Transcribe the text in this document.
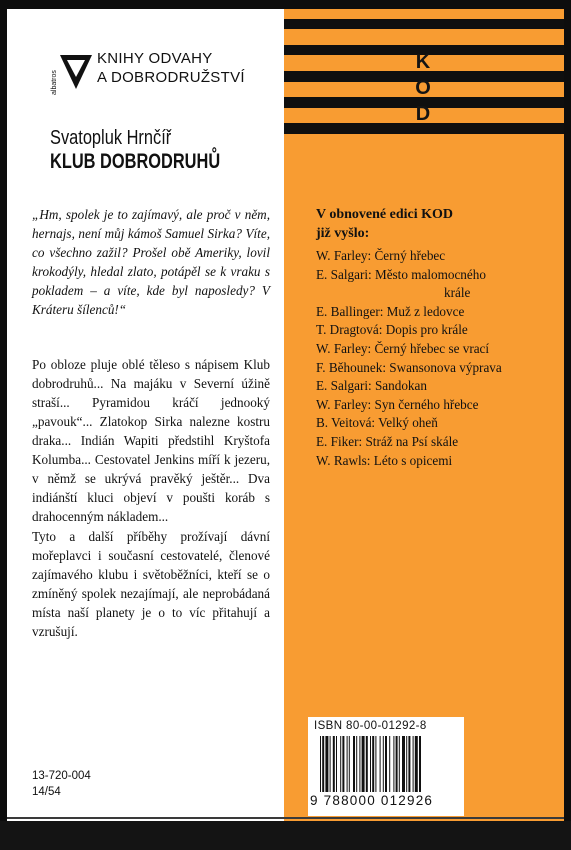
albatros
KNIHY ODVAHY
A DOBRODRUŽSTVÍ
Svatopluk Hrnčíř
KLUB DOBRODRUHŮ

„Hm, spolek je to zajímavý, ale proč v něm, hernajs, není můj kámoš Samuel Sirka? Víte, co všechno zažil? Prošel obě Ameriky, lovil krokodýly, hledal zlato, potápěl se k vraku s pokladem – a víte, kde byl naposledy? V Kráteru šílenců!“

Po obloze pluje oblé těleso s nápisem Klub dobrodruhů... Na majáku v Severní úžině straší... Pyramidou kráčí jednooký „pavouk“... Zlatokop Sirka nalezne kostru draka... Indián Wapiti předstihl Kryštofa Kolumba... Cestovatel Jenkins míří k jezeru, v němž se ukrývá pravěký ještěr... Dva indiánští kluci objeví v poušti koráb s drahocenným nákladem...

Tyto a další příběhy prožívají dávní mořeplavci i současní cestovatelé, členové zajímavého klubu i světoběžníci, kteří se o zmíněný spolek nezajímají, ale neprobádaná místa naší planety je o to víc přitahují a vzrušují.

13-720-004
14/54
K
O
D
V obnovené edici KOD
již vyšlo:
W. Farley: Černý hřebec
E. Salgari: Město malomocného
krále
E. Ballinger: Muž z ledovce
T. Dragtová: Dopis pro krále
W. Farley: Černý hřebec se vrací
F. Běhounek: Swansonova výprava
E. Salgari: Sandokan
W. Farley: Syn černého hřebce
B. Veitová: Velký oheň
E. Fiker: Stráž na Psí skále
W. Rawls: Léto s opicemi
ISBN 80-00-01292-8
9 788000 012926
